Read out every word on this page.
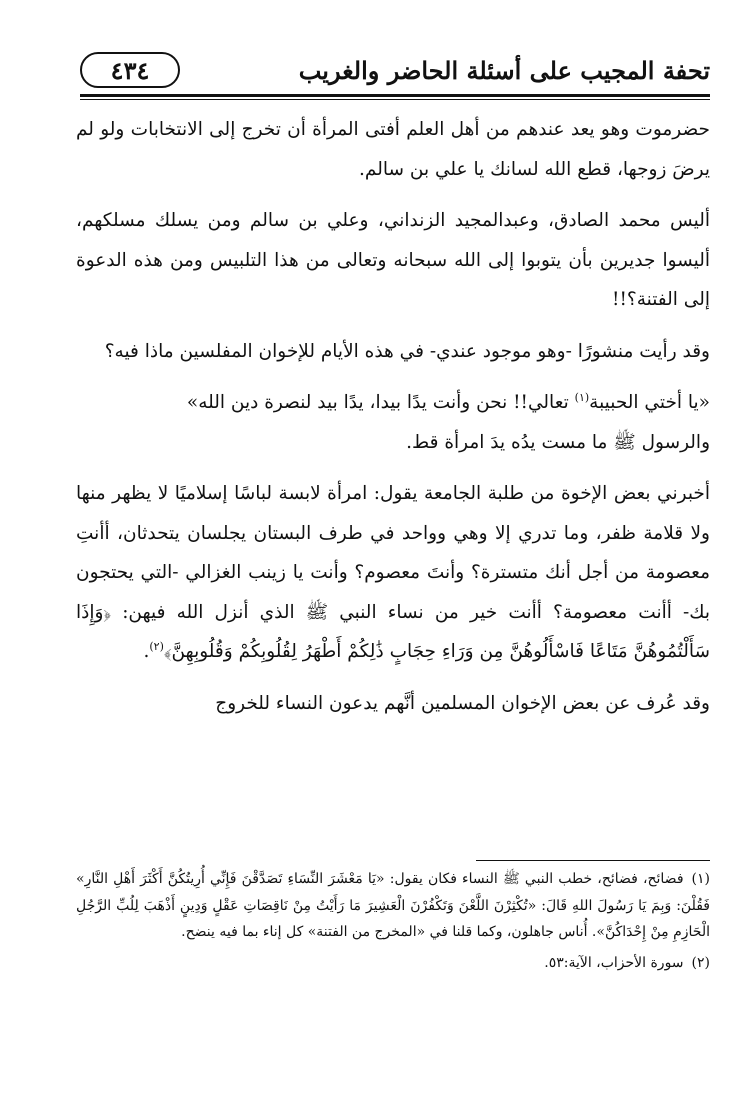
تحفة المجيب على أسئلة الحاضر والغريب
٤٣٤

حضرموت وهو يعد عندهم من أهل العلم أفتى المرأة أن تخرج إلى الانتخابات ولو لم يرضَ زوجها، قطع الله لسانك يا علي بن سالم.

أليس محمد الصادق، وعبدالمجيد الزنداني، وعلي بن سالم ومن يسلك مسلكهم، أليسوا جديرين بأن يتوبوا إلى الله سبحانه وتعالى من هذا التلبيس ومن هذه الدعوة إلى الفتنة؟!!

وقد رأيت منشورًا -وهو موجود عندي- في هذه الأيام للإخوان المفلسين ماذا فيه؟

«يا أختي الحبيبة$^{(١)}$ تعالي!! نحن وأنت يدًا بيدا، يدًا بيد لنصرة دين الله»

والرسول ﷺ ما مست يدُه يدَ امرأة قط.

أخبرني بعض الإخوة من طلبة الجامعة يقول: امرأة لابسة لباسًا إسلاميًا لا يظهر منها ولا قلامة ظفر، وما تدري إلا وهي وواحد في طرف البستان يجلسان يتحدثان، أأنتِ معصومة من أجل أنك متسترة؟ وأنتَ معصوم؟ وأنت يا زينب الغزالي -التي يحتجون بك- أأنت معصومة؟ أأنت خير من نساء النبي ﷺ الذي أنزل الله فيهن: ﴿وَإِذَا سَأَلْتُمُوهُنَّ مَتَاعًا فَاسْأَلُوهُنَّ مِن وَرَاءِ حِجَابٍ ذَٰلِكُمْ أَطْهَرُ لِقُلُوبِكُمْ وَقُلُوبِهِنَّ﴾$^{(٢)}$.

وقد عُرف عن بعض الإخوان المسلمين أنَّهم يدعون النساء للخروج

(١)فضائح، فضائح، خطب النبي ﷺ النساء فكان يقول: «يَا مَعْشَرَ النِّسَاءِ تَصَدَّقْنَ فَإِنِّي أُرِيتُكُنَّ أَكْثَرَ أَهْلِ النَّارِ» فَقُلْنَ: وَبِمَ يَا رَسُولَ اللهِ قَالَ: «تُكْثِرْنَ اللَّعْنَ وَتَكْفُرْنَ الْعَشِيرَ مَا رَأَيْتُ مِنْ نَاقِصَاتِ عَقْلٍ وَدِينٍ أَذْهَبَ لِلُبِّ الرَّجُلِ الْحَازِمِ مِنْ إِحْدَاكُنَّ». أُناس جاهلون، وكما قلنا في «المخرج من الفتنة» كل إناء بما فيه ينضح.

(٢)سورة الأحزاب، الآية:٥٣.
